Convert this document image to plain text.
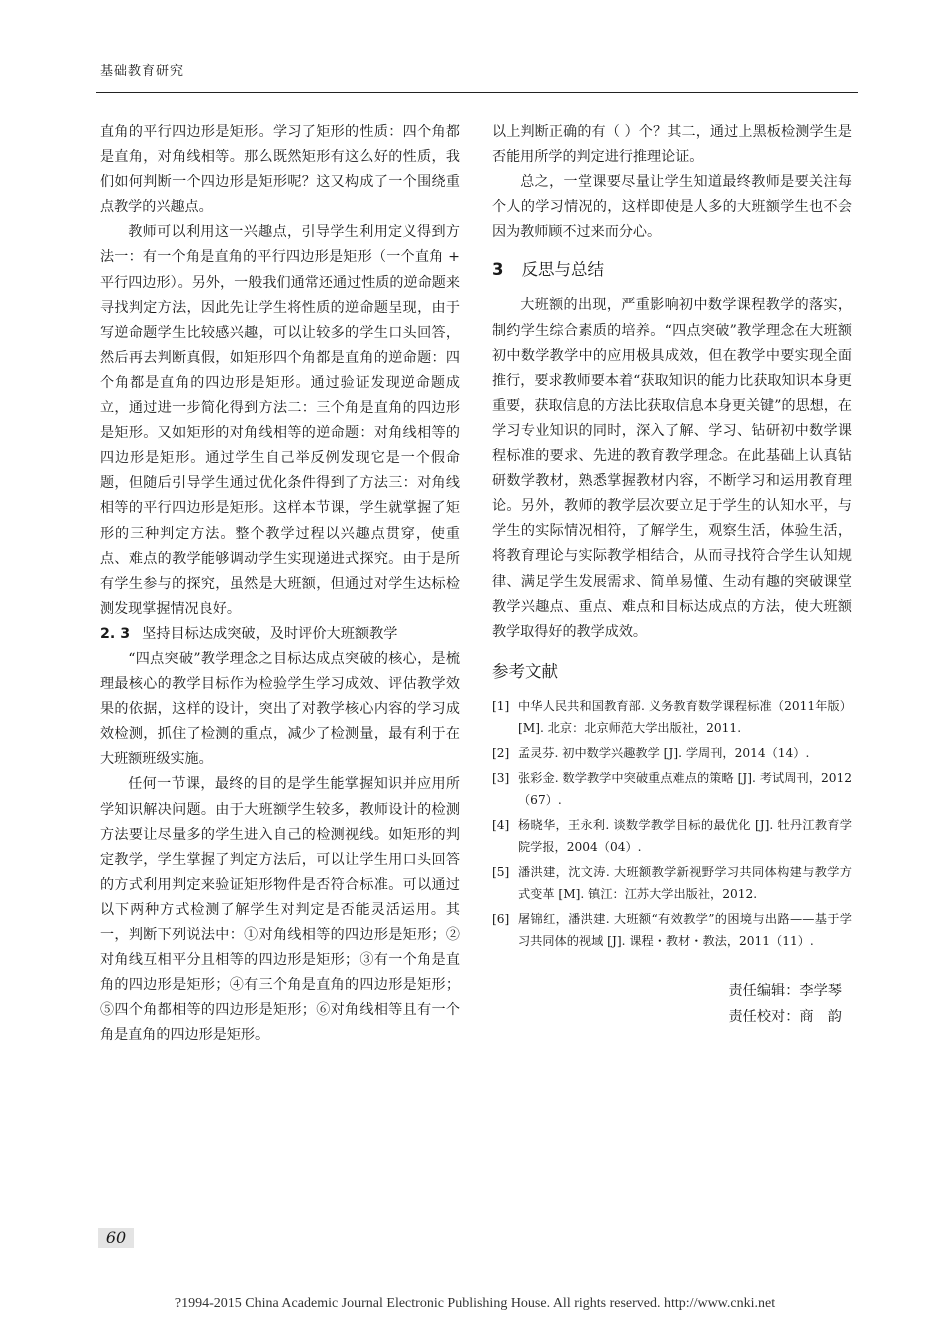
基础教育研究

直角的平行四边形是矩形。学习了矩形的性质：四个角都是直角，对角线相等。那么既然矩形有这么好的性质，我们如何判断一个四边形是矩形呢？这又构成了一个围绕重点教学的兴趣点。

教师可以利用这一兴趣点，引导学生利用定义得到方法一：有一个角是直角的平行四边形是矩形（一个直角 + 平行四边形）。另外，一般我们通常还通过性质的逆命题来寻找判定方法，因此先让学生将性质的逆命题呈现，由于写逆命题学生比较感兴趣，可以让较多的学生口头回答，然后再去判断真假，如矩形四个角都是直角的逆命题：四个角都是直角的四边形是矩形。通过验证发现逆命题成立，通过进一步简化得到方法二：三个角是直角的四边形是矩形。又如矩形的对角线相等的逆命题：对角线相等的四边形是矩形。通过学生自己举反例发现它是一个假命题，但随后引导学生通过优化条件得到了方法三：对角线相等的平行四边形是矩形。这样本节课，学生就掌握了矩形的三种判定方法。整个教学过程以兴趣点贯穿，使重点、难点的教学能够调动学生实现递进式探究。由于是所有学生参与的探究，虽然是大班额，但通过对学生达标检测发现掌握情况良好。

2. 3 坚持目标达成突破，及时评价大班额教学

“四点突破”教学理念之目标达成点突破的核心，是梳理最核心的教学目标作为检验学生学习成效、评估教学效果的依据，这样的设计，突出了对教学核心内容的学习成效检测，抓住了检测的重点，减少了检测量，最有利于在大班额班级实施。

任何一节课，最终的目的是学生能掌握知识并应用所学知识解决问题。由于大班额学生较多，教师设计的检测方法要让尽量多的学生进入自己的检测视线。如矩形的判定教学，学生掌握了判定方法后，可以让学生用口头回答的方式利用判定来验证矩形物件是否符合标准。可以通过以下两种方式检测了解学生对判定是否能灵活运用。其一，判断下列说法中：①对角线相等的四边形是矩形；②对角线互相平分且相等的四边形是矩形；③有一个角是直角的四边形是矩形；④有三个角是直角的四边形是矩形；⑤四个角都相等的四边形是矩形；⑥对角线相等且有一个角是直角的四边形是矩形。

以上判断正确的有（ ）个？其二，通过上黑板检测学生是否能用所学的判定进行推理论证。

总之，一堂课要尽量让学生知道最终教师是要关注每个人的学习情况的，这样即使是人多的大班额学生也不会因为教师顾不过来而分心。

3 反思与总结

大班额的出现，严重影响初中数学课程教学的落实，制约学生综合素质的培养。“四点突破”教学理念在大班额初中数学教学中的应用极具成效，但在教学中要实现全面推行，要求教师要本着“获取知识的能力比获取知识本身更重要，获取信息的方法比获取信息本身更关键”的思想，在学习专业知识的同时，深入了解、学习、钻研初中数学课程标准的要求、先进的教育教学理念。在此基础上认真钻研数学教材，熟悉掌握教材内容，不断学习和运用教育理论。另外，教师的教学层次要立足于学生的认知水平，与学生的实际情况相符，了解学生，观察生活，体验生活，将教育理论与实际教学相结合，从而寻找符合学生认知规律、满足学生发展需求、简单易懂、生动有趣的突破课堂教学兴趣点、重点、难点和目标达成点的方法，使大班额教学取得好的教学成效。

参考文献
[1] 中华人民共和国教育部. 义务教育数学课程标准（2011年版）[M]. 北京：北京师范大学出版社，2011.
[2] 孟灵芬. 初中数学兴趣教学 [J]. 学周刊，2014（14）.
[3] 张彩金. 数学教学中突破重点难点的策略 [J]. 考试周刊，2012（67）.
[4] 杨晓华，王永利. 谈数学教学目标的最优化 [J]. 牡丹江教育学院学报，2004（04）.
[5] 潘洪建，沈文涛. 大班额教学新视野学习共同体构建与教学方式变革 [M]. 镇江：江苏大学出版社，2012.
[6] 屠锦红，潘洪建. 大班额“有效教学”的困境与出路——基于学习共同体的视域 [J]. 课程・教材・教法，2011（11）.
责任编辑：李学琴
责任校对：商　韵
60
?1994-2015 China Academic Journal Electronic Publishing House. All rights reserved. http://www.cnki.net
